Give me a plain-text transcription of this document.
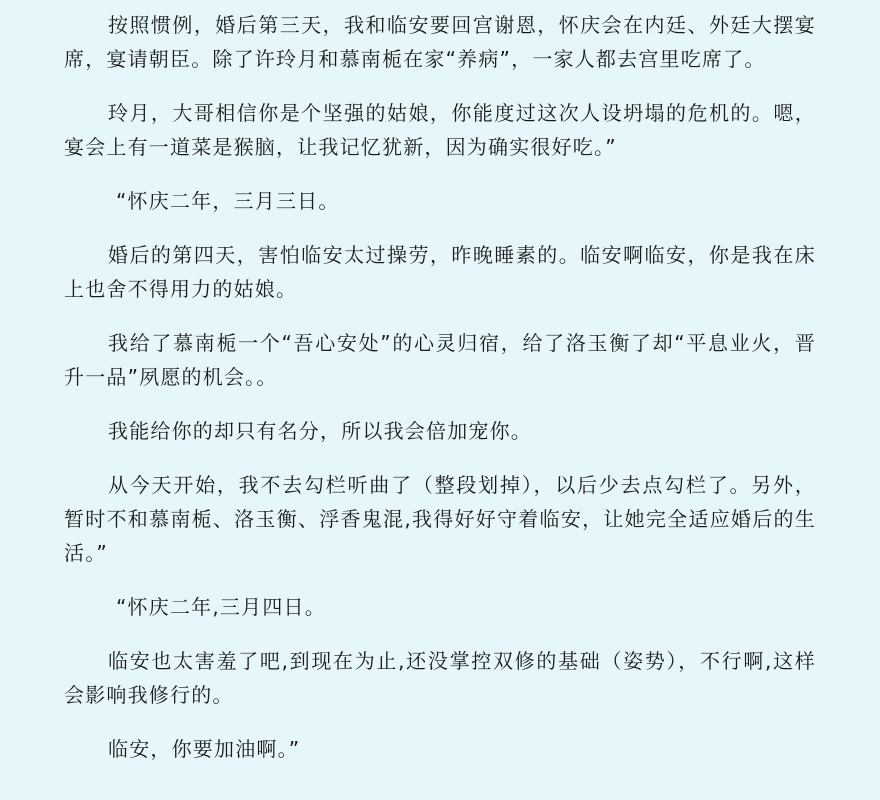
按照惯例，婚后第三天，我和临安要回宫谢恩，怀庆会在内廷、外廷大摆宴席，宴请朝臣。除了许玲月和慕南栀在家“养病”，一家人都去宫里吃席了。

玲月，大哥相信你是个坚强的姑娘，你能度过这次人设坍塌的危机的。嗯，宴会上有一道菜是猴脑，让我记忆犹新，因为确实很好吃。”

“怀庆二年，三月三日。

婚后的第四天，害怕临安太过操劳，昨晚睡素的。临安啊临安，你是我在床上也舍不得用力的姑娘。

我给了慕南栀一个“吾心安处”的心灵归宿，给了洛玉衡了却“平息业火，晋升一品”夙愿的机会。。

我能给你的却只有名分，所以我会倍加宠你。

从今天开始，我不去勾栏听曲了（整段划掉），以后少去点勾栏了。另外，暂时不和慕南栀、洛玉衡、浮香鬼混,我得好好守着临安，让她完全适应婚后的生活。”

“怀庆二年,三月四日。

临安也太害羞了吧,到现在为止,还没掌控双修的基础（姿势），不行啊,这样会影响我修行的。

临安，你要加油啊。”
